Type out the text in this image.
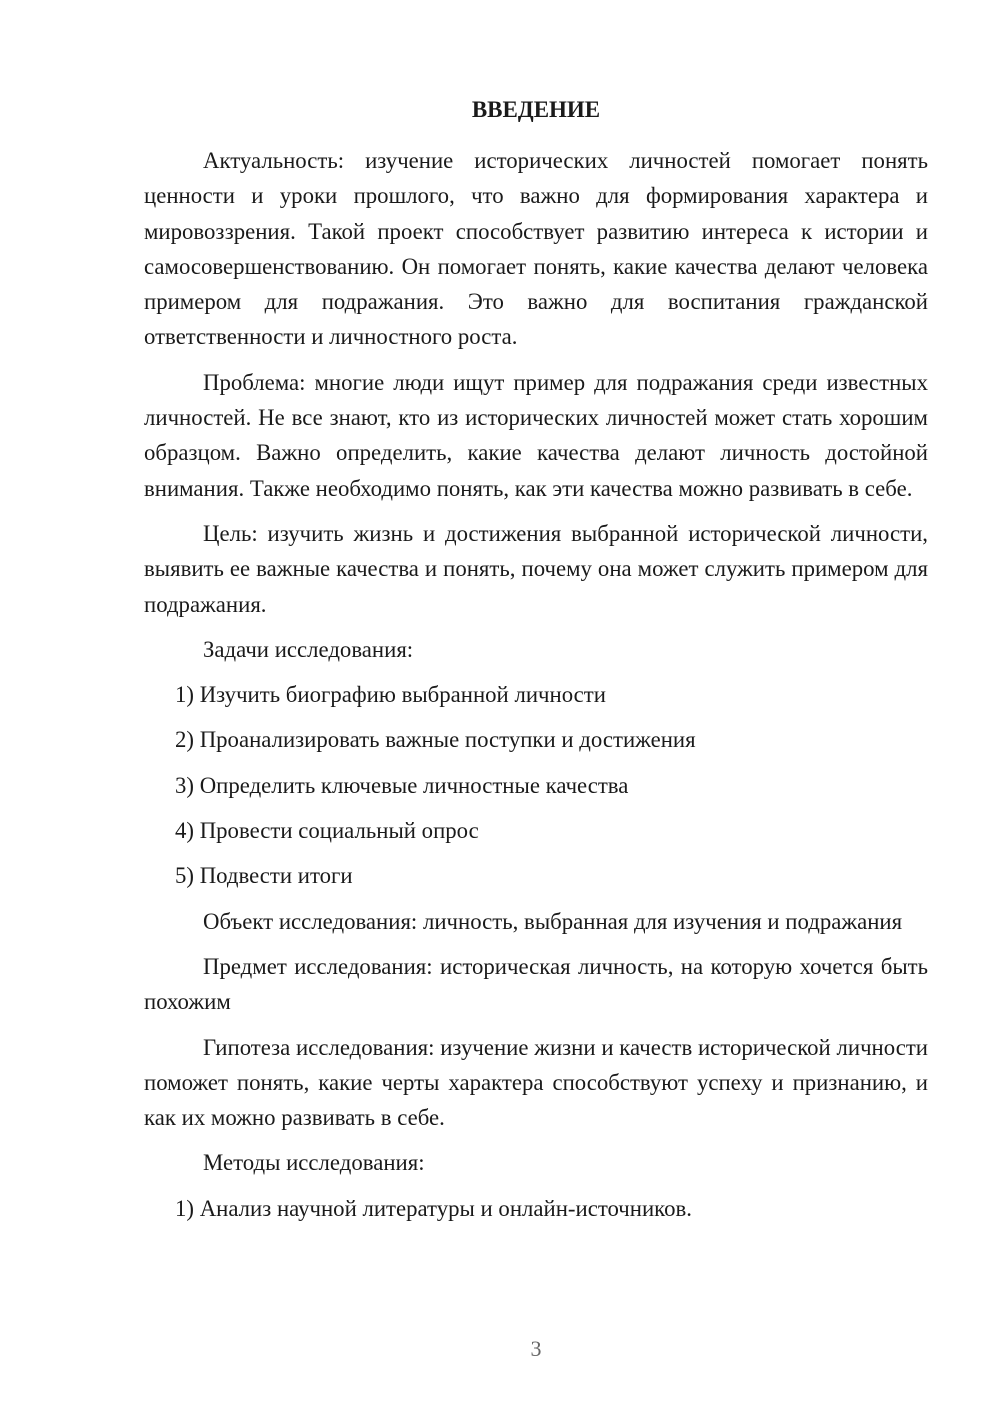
ВВЕДЕНИЕ

Актуальность: изучение исторических личностей помогает понять ценности и уроки прошлого, что важно для формирования характера и мировоззрения. Такой проект способствует развитию интереса к истории и самосовершенствованию. Он помогает понять, какие качества делают человека примером для подражания. Это важно для воспитания гражданской ответственности и личностного роста.

Проблема: многие люди ищут пример для подражания среди известных личностей. Не все знают, кто из исторических личностей может стать хорошим образцом. Важно определить, какие качества делают личность достойной внимания. Также необходимо понять, как эти качества можно развивать в себе.

Цель: изучить жизнь и достижения выбранной исторической личности, выявить ее важные качества и понять, почему она может служить примером для подражания.

Задачи исследования:

1) Изучить биографию выбранной личности

2) Проанализировать важные поступки и достижения

3) Определить ключевые личностные качества

4) Провести социальный опрос

5) Подвести итоги

Объект исследования: личность, выбранная для изучения и подражания

Предмет исследования: историческая личность, на которую хочется быть похожим

Гипотеза исследования: изучение жизни и качеств исторической личности поможет понять, какие черты характера способствуют успеху и признанию, и как их можно развивать в себе.

Методы исследования:

1) Анализ научной литературы и онлайн-источников.

3
